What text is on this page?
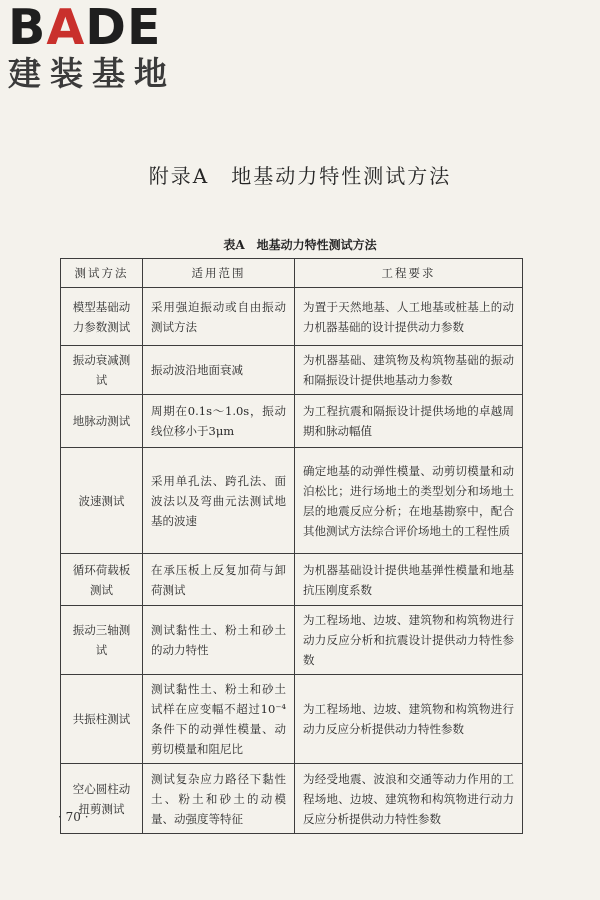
BADE
建装基地
附录A　地基动力特性测试方法
表A　地基动力特性测试方法
测试方法	适用范围	工程要求
模型基础动力参数测试	采用强迫振动或自由振动测试方法	为置于天然地基、人工地基或桩基上的动力机器基础的设计提供动力参数
振动衰减测试	振动波沿地面衰减	为机器基础、建筑物及构筑物基础的振动和隔振设计提供地基动力参数
地脉动测试	周期在0.1s～1.0s，振动线位移小于3μm	为工程抗震和隔振设计提供场地的卓越周期和脉动幅值
波速测试	采用单孔法、跨孔法、面波法以及弯曲元法测试地基的波速	确定地基的动弹性模量、动剪切模量和动泊松比；进行场地土的类型划分和场地土层的地震反应分析；在地基勘察中，配合其他测试方法综合评价场地土的工程性质
循环荷载板测试	在承压板上反复加荷与卸荷测试	为机器基础设计提供地基弹性模量和地基抗压刚度系数
振动三轴测试	测试黏性土、粉土和砂土的动力特性	为工程场地、边坡、建筑物和构筑物进行动力反应分析和抗震设计提供动力特性参数
共振柱测试	测试黏性土、粉土和砂土试样在应变幅不超过10⁻⁴条件下的动弹性模量、动剪切模量和阻尼比	为工程场地、边坡、建筑物和构筑物进行动力反应分析提供动力特性参数
空心圆柱动扭剪测试	测试复杂应力路径下黏性土、粉土和砂土的动模量、动强度等特征	为经受地震、波浪和交通等动力作用的工程场地、边坡、建筑物和构筑物进行动力反应分析提供动力特性参数
· 70 ·
